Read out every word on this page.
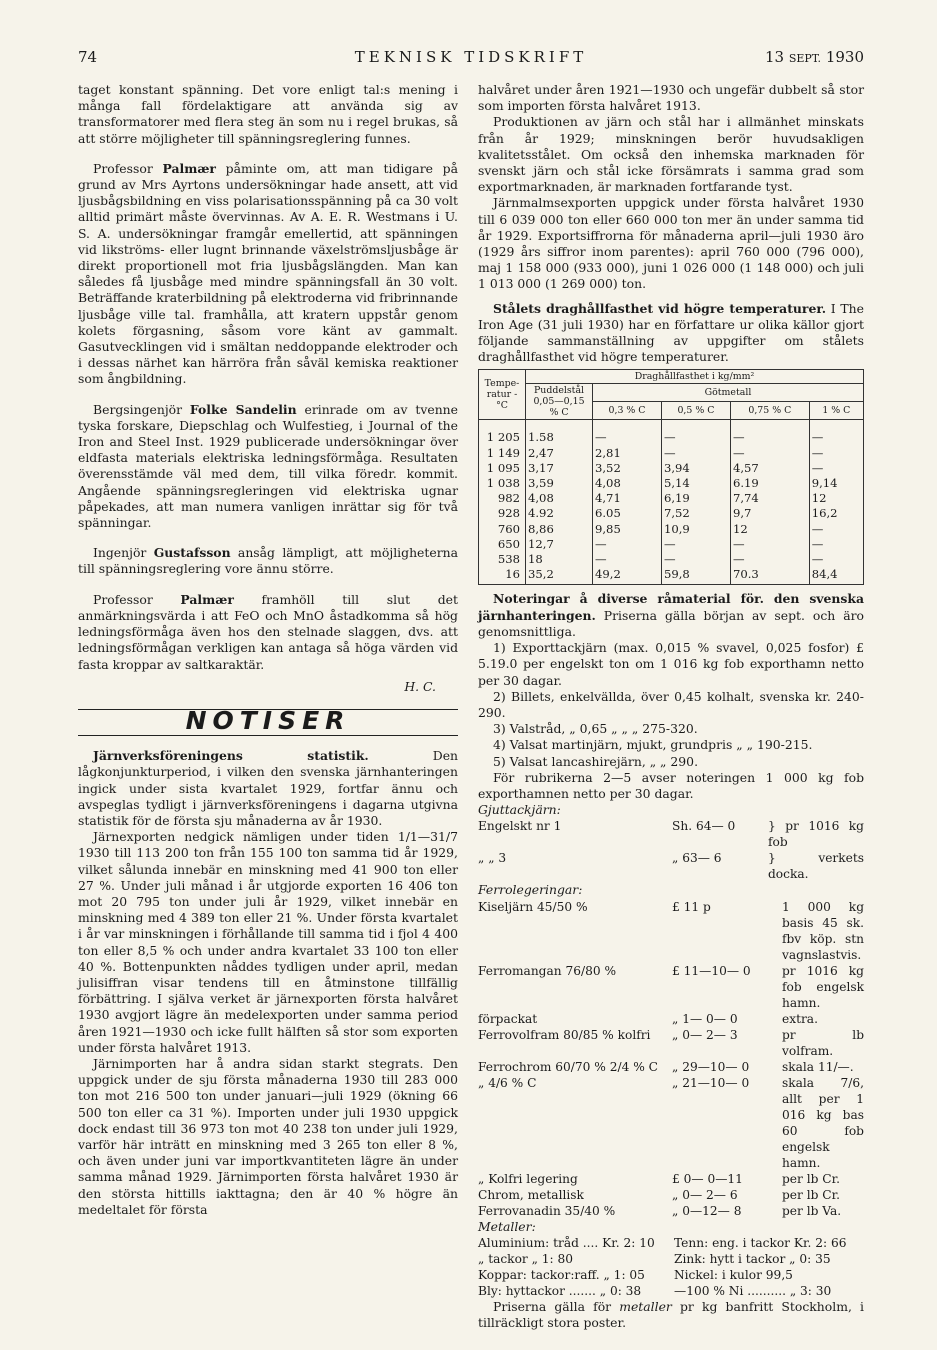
74	TEKNISK TIDSKRIFT	13 SEPT. 1930

taget konstant spänning. Det vore enligt tal:s mening i många fall fördelaktigare att använda sig av transformatorer med flera steg än som nu i regel brukas, så att större möjligheter till spänningsreglering funnes.

Professor Palmær påminte om, att man tidigare på grund av Mrs Ayrtons undersökningar hade ansett, att vid ljusbågsbildning en viss polarisationsspänning på ca 30 volt alltid primärt måste övervinnas. Av A. E. R. Westmans i U. S. A. undersökningar framgår emellertid, att spänningen vid likströms- eller lugnt brinnande växelströmsljusbåge är direkt proportionell mot fria ljusbågslängden. Man kan således få ljusbåge med mindre spänningsfall än 30 volt. Beträffande kraterbildning på elektroderna vid fribrinnande ljusbåge ville tal. framhålla, att kratern uppstår genom kolets förgasning, såsom vore känt av gammalt. Gasutvecklingen vid i smältan neddoppande elektroder och i dessas närhet kan härröra från såväl kemiska reaktioner som ångbildning.

Bergsingenjör Folke Sandelin erinrade om av tvenne tyska forskare, Diepschlag och Wulfestieg, i Journal of the Iron and Steel Inst. 1929 publicerade undersökningar över eldfasta materials elektriska ledningsförmåga. Resultaten överensstämde väl med dem, till vilka föredr. kommit. Angående spänningsregleringen vid elektriska ugnar påpekades, att man numera vanligen inrättar sig för två spänningar.

Ingenjör Gustafsson ansåg lämpligt, att möjligheterna till spänningsreglering vore ännu större.

Professor Palmær framhöll till slut det anmärkningsvärda i att FeO och MnO åstadkomma så hög ledningsförmåga även hos den stelnade slaggen, dvs. att ledningsförmågan verkligen kan antaga så höga värden vid fasta kroppar av saltkaraktär.

H. C.

NOTISER

Järnverksföreningens statistik. Den lågkonjunkturperiod, i vilken den svenska järnhanteringen ingick under sista kvartalet 1929, fortfar ännu och avspeglas tydligt i järnverksföreningens i dagarna utgivna statistik för de första sju månaderna av år 1930.

Järnexporten nedgick nämligen under tiden 1/1—31/7 1930 till 113 200 ton från 155 100 ton samma tid år 1929, vilket sålunda innebär en minskning med 41 900 ton eller 27 %. Under juli månad i år utgjorde exporten 16 406 ton mot 20 795 ton under juli år 1929, vilket innebär en minskning med 4 389 ton eller 21 %. Under första kvartalet i år var minskningen i förhållande till samma tid i fjol 4 400 ton eller 8,5 % och under andra kvartalet 33 100 ton eller 40 %. Bottenpunkten nåddes tydligen under april, medan julisiffran visar tendens till en åtminstone tillfällig förbättring. I själva verket är järnexporten första halvåret 1930 avgjort lägre än medelexporten under samma period åren 1921—1930 och icke fullt hälften så stor som exporten under första halvåret 1913.

Järnimporten har å andra sidan starkt stegrats. Den uppgick under de sju första månaderna 1930 till 283 000 ton mot 216 500 ton under januari—juli 1929 (ökning 66 500 ton eller ca 31 %). Importen under juli 1930 uppgick dock endast till 36 973 ton mot 40 238 ton under juli 1929, varför här inträtt en minskning med 3 265 ton eller 8 %, och även under juni var importkvantiteten lägre än under samma månad 1929. Järnimporten första halvåret 1930 är den största hittills iakttagna; den är 40 % högre än medeltalet för första

halvåret under åren 1921—1930 och ungefär dubbelt så stor som importen första halvåret 1913.

Produktionen av järn och stål har i allmänhet minskats från år 1929; minskningen berör huvudsakligen kvalitetsstålet. Om också den inhemska marknaden för svenskt järn och stål icke försämrats i samma grad som exportmarknaden, är marknaden fortfarande tyst.

Järnmalmsexporten uppgick under första halvåret 1930 till 6 039 000 ton eller 660 000 ton mer än under samma tid år 1929. Exportsiffrorna för månaderna april—juli 1930 äro (1929 års siffror inom parentes): april 760 000 (796 000), maj 1 158 000 (933 000), juni 1 026 000 (1 148 000) och juli 1 013 000 (1 269 000) ton.

Stålets draghållfasthet vid högre temperaturer. I The Iron Age (31 juli 1930) har en författare ur olika källor gjort följande sammanställning av uppgifter om stålets draghållfasthet vid högre temperaturer.

Tempe-ratur -°C	Draghållfasthet i kg/mm²				
	Puddelstål 0,05—0,15 % C	Götmetall			
		0,3 % C	0,5 % C	0,75 % C	1 % C
1 205	1.58	—	—	—	—
1 149	2,47	2,81	—	—	—
1 095	3,17	3,52	3,94	4,57	—
1 038	3,59	4,08	5,14	6.19	9,14
982	4,08	4,71	6,19	7,74	12
928	4.92	6.05	7,52	9,7	16,2
760	8,86	9,85	10,9	12	—
650	12,7	—	—	—	—
538	18	—	—	—	—
16	35,2	49,2	59,8	70.3	84,4

Noteringar å diverse råmaterial för. den svenska järnhanteringen. Priserna gälla början av sept. och äro genomsnittliga.

1) Exporttackjärn (max. 0,015 % svavel, 0,025 fosfor) £ 5.19.0 per engelskt ton om 1 016 kg fob exporthamn netto per 30 dagar.

2) Billets, enkelvällda, över 0,45 kolhalt, svenska kr. 240-290.

3) Valstråd, „ 0,65 „ „ „ 275-320.

4) Valsat martinjärn, mjukt, grundpris „ „ 190-215.

5) Valsat lancashirejärn, „ „ 290.

För rubrikerna 2—5 avser noteringen 1 000 kg fob exporthamnen netto per 30 dagar.

Gjuttackjärn:

Engelskt nr 1	Sh. 64— 0	} pr 1016 kg fob
„ „ 3	„ 63— 6	} verkets docka.

Ferrolegeringar:

Kiseljärn 45/50 %	£ 11 p	1 000 kg basis 45 sk. fbv köp. stn vagnslastvis.
Ferromangan 76/80 %	£ 11—10— 0	pr 1016 kg fob engelsk hamn.
förpackat	„ 1— 0— 0	extra.
Ferrovolfram 80/85 % kolfri	„ 0— 2— 3	pr lb volfram.
Ferrochrom 60/70 % 2/4 % C	„ 29—10— 0	skala 11/—.
„ 4/6 % C	„ 21—10— 0	skala 7/6, allt per 1 016 kg bas 60 fob engelsk hamn.
„ Kolfri legering	£ 0— 0—11	per lb Cr.
Chrom, metallisk	„ 0— 2— 6	per lb Cr.
Ferrovanadin 35/40 %	„ 0—12— 8	per lb Va.

Metaller:

Aluminium: tråd .... Kr. 2: 10	Tenn: eng. i tackor Kr. 2: 66
„ tackor „ 1: 80	Zink: hytt i tackor „ 0: 35
Koppar: tackor:raff. „ 1: 05	Nickel: i kulor 99,5
Bly: hyttackor ....... „ 0: 38	—100 % Ni .......... „ 3: 30

Priserna gälla för metaller pr kg banfritt Stockholm, i tillräckligt stora poster.
